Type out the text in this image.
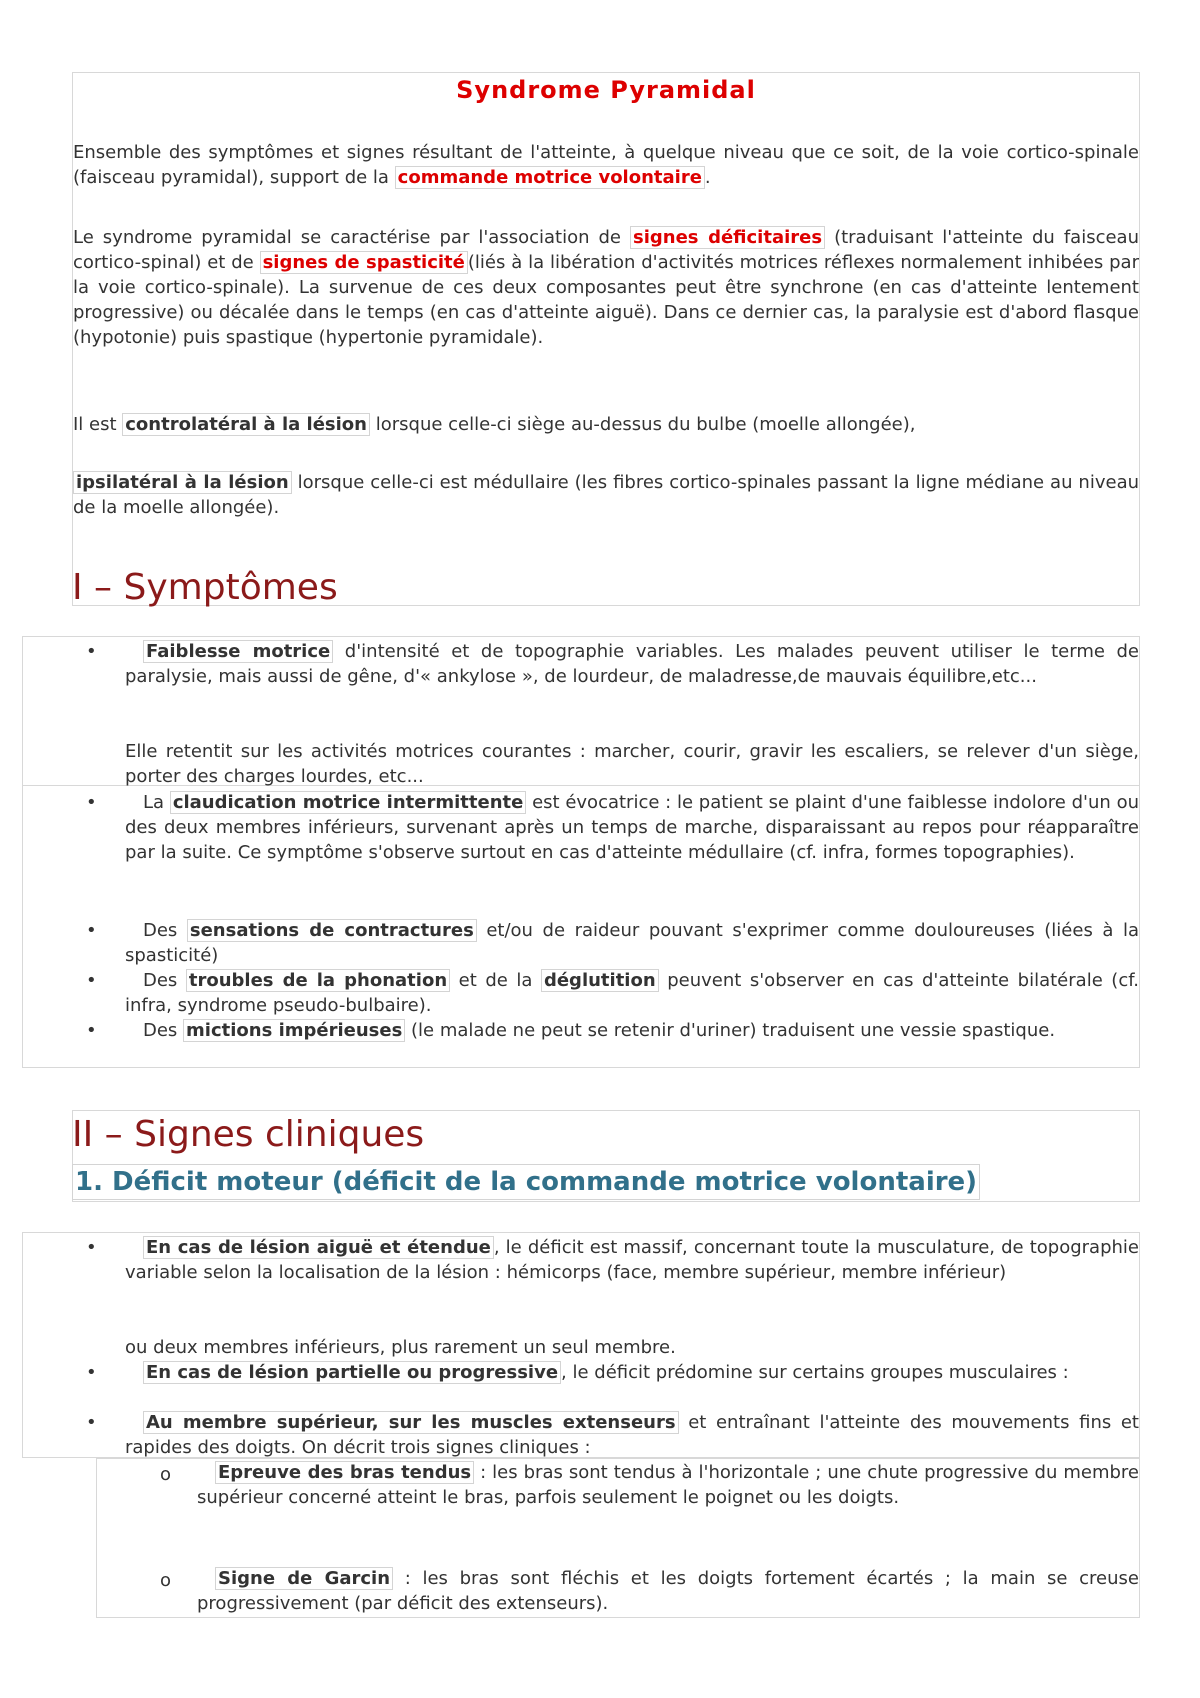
Syndrome Pyramidal

Ensemble des symptômes et signes résultant de l'atteinte, à quelque niveau que ce soit, de la voie cortico-spinale (faisceau pyramidal), support de la commande motrice volontaire .

Le syndrome pyramidal se caractérise par l'association de signes déficitaires (traduisant l'atteinte du faisceau cortico-spinal) et de signes de spasticité (liés à la libération d'activités motrices réflexes normalement inhibées par la voie cortico-spinale). La survenue de ces deux composantes peut être synchrone (en cas d'atteinte lentement progressive) ou décalée dans le temps (en cas d'atteinte aiguë). Dans ce dernier cas, la paralysie est d'abord flasque (hypotonie) puis spastique (hypertonie pyramidale).

Il est controlatéral à la lésion lorsque celle-ci siège au-dessus du bulbe (moelle allongée),

ipsilatéral à la lésion lorsque celle-ci est médullaire (les fibres cortico-spinales passant la ligne médiane au niveau de la moelle allongée).

I – Symptômes
•	Faiblesse motrice d'intensité et de topographie variables. Les malades peuvent utiliser le terme de paralysie, mais aussi de gêne, d'« ankylose », de lourdeur, de maladresse,de mauvais équilibre,etc...

Elle retentit sur les activités motrices courantes : marcher, courir, gravir les escaliers, se relever d'un siège, porter des charges lourdes, etc...

•	La claudication motrice intermittente est évocatrice : le patient se plaint d'une faiblesse indolore d'un ou des deux membres inférieurs, survenant après un temps de marche, disparaissant au repos pour réapparaître par la suite. Ce symptôme s'observe surtout en cas d'atteinte médullaire (cf. infra, formes topographies).

•	Des sensations de contractures et/ou de raideur pouvant s'exprimer comme douloureuses (liées à la spasticité)

•	Des troubles de la phonation et de la déglutition peuvent s'observer en cas d'atteinte bilatérale (cf. infra, syndrome pseudo-bulbaire).

•	Des mictions impérieuses (le malade ne peut se retenir d'uriner) traduisent une vessie spastique.

II – Signes cliniques
1. Déficit moteur (déficit de la commande motrice volontaire)
•	En cas de lésion aiguë et étendue , le déficit est massif, concernant toute la musculature, de topographie variable selon la localisation de la lésion : hémicorps (face, membre supérieur, membre inférieur)

ou deux membres inférieurs, plus rarement un seul membre.

•	En cas de lésion partielle ou progressive , le déficit prédomine sur certains groupes musculaires :

•	Au membre supérieur, sur les muscles extenseurs et entraînant l'atteinte des mouvements fins et rapides des doigts. On décrit trois signes cliniques :

o	Epreuve des bras tendus : les bras sont tendus à l'horizontale ; une chute progressive du membre supérieur concerné atteint le bras, parfois seulement le poignet ou les doigts.

o	Signe de Garcin : les bras sont fléchis et les doigts fortement écartés ; la main se creuse progressivement (par déficit des extenseurs).
